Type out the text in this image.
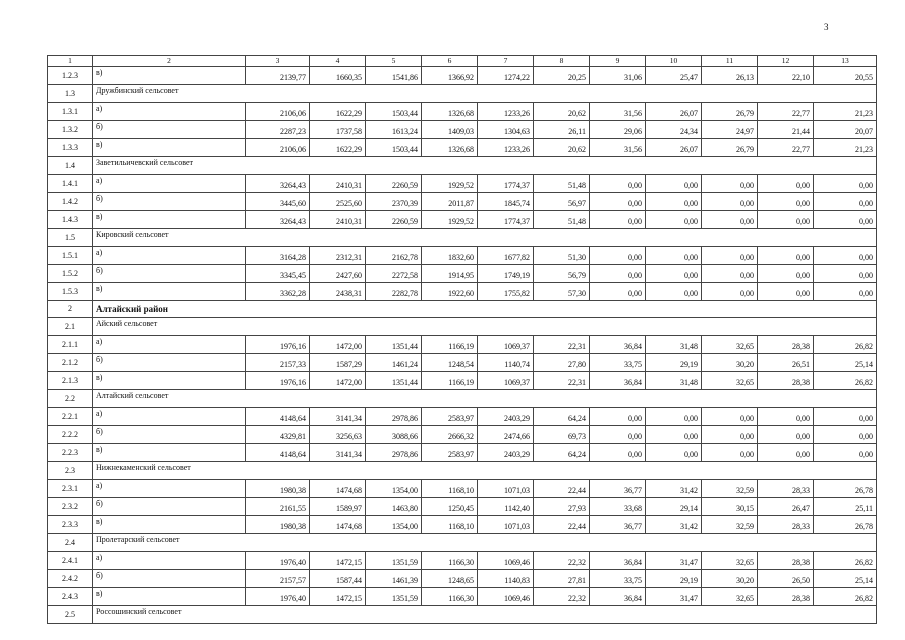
3
1	2	3	4	5	6	7	8	9	10	11	12	13
1.2.3	в)	2139,77	1660,35	1541,86	1366,92	1274,22	20,25	31,06	25,47	26,13	22,10	20,55
1.3	Дружбинский сельсовет											
1.3.1	а)	2106,06	1622,29	1503,44	1326,68	1233,26	20,62	31,56	26,07	26,79	22,77	21,23
1.3.2	б)	2287,23	1737,58	1613,24	1409,03	1304,63	26,11	29,06	24,34	24,97	21,44	20,07
1.3.3	в)	2106,06	1622,29	1503,44	1326,68	1233,26	20,62	31,56	26,07	26,79	22,77	21,23
1.4	Заветильичевский сельсовет											
1.4.1	а)	3264,43	2410,31	2260,59	1929,52	1774,37	51,48	0,00	0,00	0,00	0,00	0,00
1.4.2	б)	3445,60	2525,60	2370,39	2011,87	1845,74	56,97	0,00	0,00	0,00	0,00	0,00
1.4.3	в)	3264,43	2410,31	2260,59	1929,52	1774,37	51,48	0,00	0,00	0,00	0,00	0,00
1.5	Кировский сельсовет											
1.5.1	а)	3164,28	2312,31	2162,78	1832,60	1677,82	51,30	0,00	0,00	0,00	0,00	0,00
1.5.2	б)	3345,45	2427,60	2272,58	1914,95	1749,19	56,79	0,00	0,00	0,00	0,00	0,00
1.5.3	в)	3362,28	2438,31	2282,78	1922,60	1755,82	57,30	0,00	0,00	0,00	0,00	0,00
2	Алтайский район											
2.1	Айский сельсовет											
2.1.1	а)	1976,16	1472,00	1351,44	1166,19	1069,37	22,31	36,84	31,48	32,65	28,38	26,82
2.1.2	б)	2157,33	1587,29	1461,24	1248,54	1140,74	27,80	33,75	29,19	30,20	26,51	25,14
2.1.3	в)	1976,16	1472,00	1351,44	1166,19	1069,37	22,31	36,84	31,48	32,65	28,38	26,82
2.2	Алтайский сельсовет											
2.2.1	а)	4148,64	3141,34	2978,86	2583,97	2403,29	64,24	0,00	0,00	0,00	0,00	0,00
2.2.2	б)	4329,81	3256,63	3088,66	2666,32	2474,66	69,73	0,00	0,00	0,00	0,00	0,00
2.2.3	в)	4148,64	3141,34	2978,86	2583,97	2403,29	64,24	0,00	0,00	0,00	0,00	0,00
2.3	Нижнекаменский сельсовет											
2.3.1	а)	1980,38	1474,68	1354,00	1168,10	1071,03	22,44	36,77	31,42	32,59	28,33	26,78
2.3.2	б)	2161,55	1589,97	1463,80	1250,45	1142,40	27,93	33,68	29,14	30,15	26,47	25,11
2.3.3	в)	1980,38	1474,68	1354,00	1168,10	1071,03	22,44	36,77	31,42	32,59	28,33	26,78
2.4	Пролетарский сельсовет											
2.4.1	а)	1976,40	1472,15	1351,59	1166,30	1069,46	22,32	36,84	31,47	32,65	28,38	26,82
2.4.2	б)	2157,57	1587,44	1461,39	1248,65	1140,83	27,81	33,75	29,19	30,20	26,50	25,14
2.4.3	в)	1976,40	1472,15	1351,59	1166,30	1069,46	22,32	36,84	31,47	32,65	28,38	26,82
2.5	Россошинский сельсовет											
